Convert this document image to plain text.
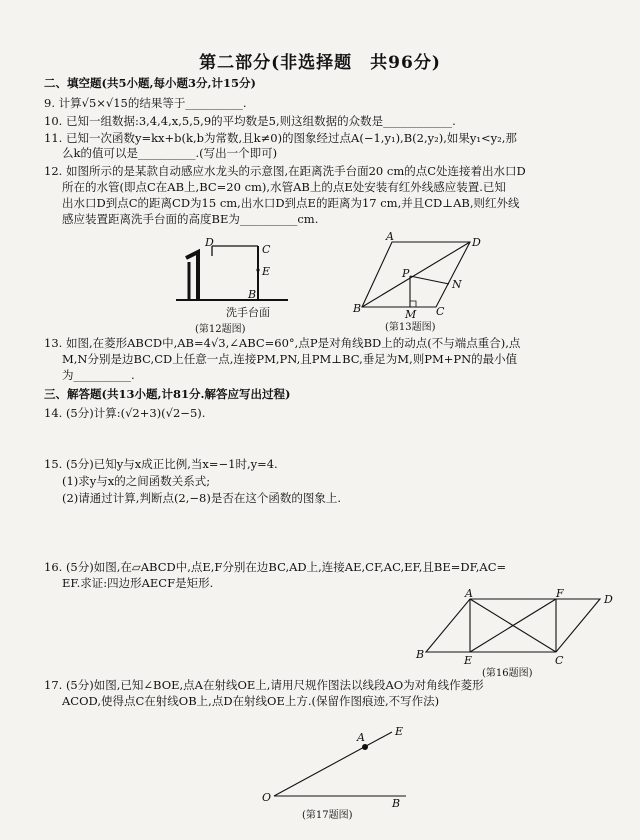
第二部分(非选择题　共96分)
二、填空题(共5小题,每小题3分,计15分)
9. 计算√5×√15的结果等于__________.
10. 已知一组数据:3,4,4,x,5,5,9的平均数是5,则这组数据的众数是____________.
11. 已知一次函数y=kx+b(k,b为常数,且k≠0)的图象经过点A(−1,y₁),B(2,y₂),如果y₁<y₂,那
么k的值可以是__________.(写出一个即可)
12. 如图所示的是某款自动感应水龙头的示意图,在距离洗手台面20 cm的点C处连接着出水口D
所在的水管(即点C在AB上,BC=20 cm),水管AB上的点E处安装有红外线感应装置.已知
出水口D到点C的距离CD为15 cm,出水口D到点E的距离为17 cm,并且CD⊥AB,则红外线
感应装置距离洗手台面的高度BE为__________cm.
D
C
E
B
洗手台面
(第12题图)
A	D
P
N
B	M C
(第13题图)
13. 如图,在菱形ABCD中,AB=4√3,∠ABC=60°,点P是对角线BD上的动点(不与端点重合),点
M,N分别是边BC,CD上任意一点,连接PM,PN,且PM⊥BC,垂足为M,则PM+PN的最小值
为__________.
三、解答题(共13小题,计81分.解答应写出过程)
14. (5分)计算:(√2+3)(√2−5).
15. (5分)已知y与x成正比例,当x=−1时,y=4.
(1)求y与x的之间函数关系式;
(2)请通过计算,判断点(2,−8)是否在这个函数的图象上.
16. (5分)如图,在▱ABCD中,点E,F分别在边BC,AD上,连接AE,CF,AC,EF,且BE=DF,AC=
EF.求证:四边形AECF是矩形.
A	F	D
B	E	C
(第16题图)
17. (5分)如图,已知∠BOE,点A在射线OE上,请用尺规作图法以线段AO为对角线作菱形
ACOD,使得点C在射线OB上,点D在射线OE上方.(保留作图痕迹,不写作法)
E
A
O	B
(第17题图)
